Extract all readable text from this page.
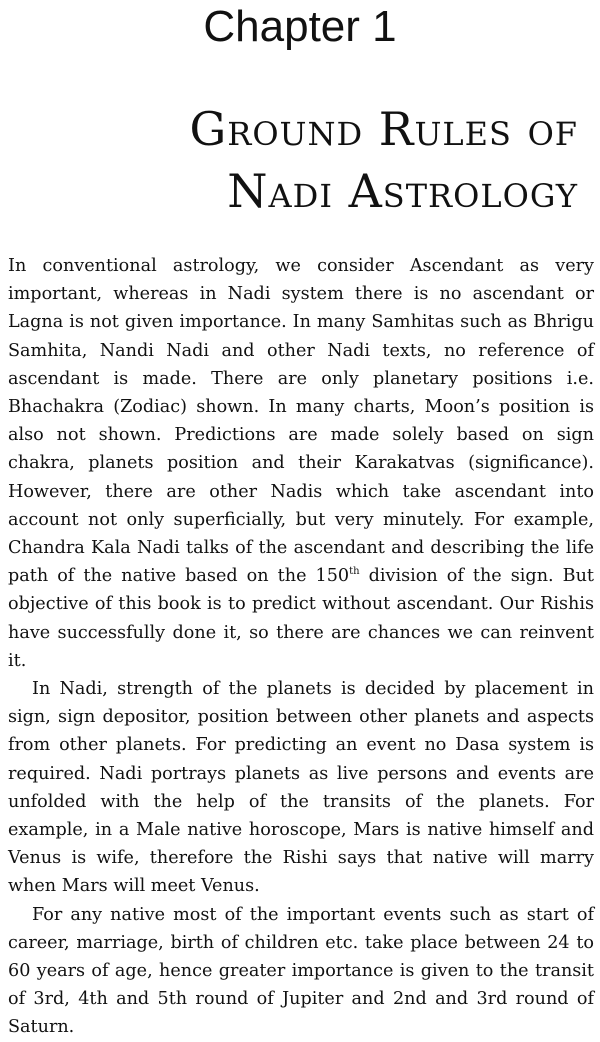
Chapter 1
Ground Rules of
Nadi Astrology

In conventional astrology, we consider Ascendant as very important, whereas in Nadi system there is no ascendant or Lagna is not given importance. In many Samhitas such as Bhrigu Samhita, Nandi Nadi and other Nadi texts, no reference of ascendant is made. There are only planetary positions i.e. Bhachakra (Zodiac) shown. In many charts, Moon’s position is also not shown. Predictions are made solely based on sign chakra, planets position and their Karakatvas (significance). However, there are other Nadis which take ascendant into account not only superficially, but very minutely. For example, Chandra Kala Nadi talks of the ascendant and describing the life path of the native based on the 150th division of the sign. But objective of this book is to predict without ascendant. Our Rishis have successfully done it, so there are chances we can reinvent it.

In Nadi, strength of the planets is decided by placement in sign, sign depositor, position between other planets and aspects from other planets. For predicting an event no Dasa system is required. Nadi portrays planets as live persons and events are unfolded with the help of the transits of the planets. For example, in a Male native horoscope, Mars is native himself and Venus is wife, therefore the Rishi says that native will marry when Mars will meet Venus.

For any native most of the important events such as start of career, marriage, birth of children etc. take place between 24 to 60 years of age, hence greater importance is given to the transit of 3rd, 4th and 5th round of Jupiter and 2nd and 3rd round of Saturn.
